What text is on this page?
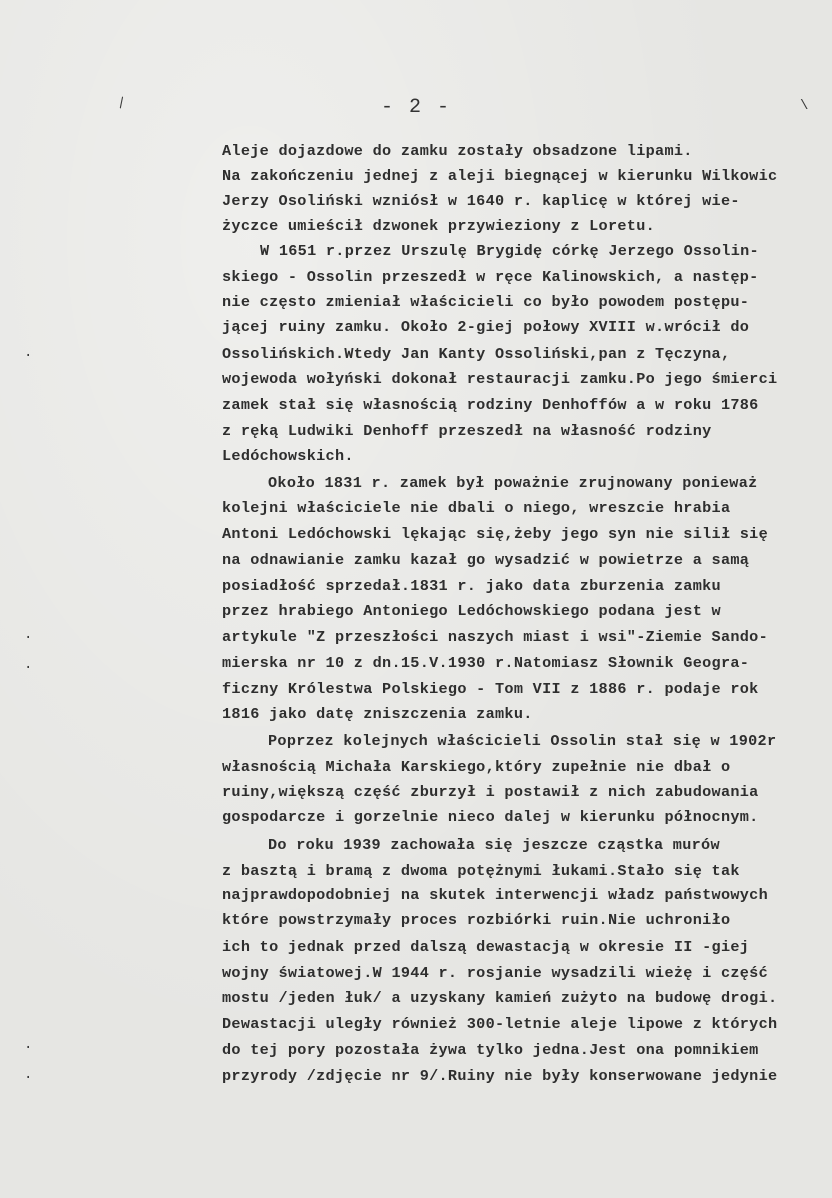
\
·
·
·
·
·
\
- 2 -
Aleje dojazdowe do zamku zostały obsadzone lipami.
Na zakończeniu jednej z aleji biegnącej w kierunku Wilkowic
Jerzy Osoliński wzniósł w 1640 r. kaplicę w której wie-
życzce umieścił dzwonek przywieziony z Loretu.
W 1651 r.przez Urszulę Brygidę córkę Jerzego Ossolin-
skiego - Ossolin przeszedł w ręce Kalinowskich, a następ-
nie często zmieniał właścicieli co było powodem postępu-
jącej ruiny zamku. Około 2-giej połowy XVIII w.wrócił do
Ossolińskich.Wtedy Jan Kanty Ossoliński,pan z Tęczyna,
wojewoda wołyński dokonał restauracji zamku.Po jego śmierci
zamek stał się własnością rodziny Denhoffów a w roku 1786
z ręką Ludwiki Denhoff przeszedł na własność rodziny
Ledóchowskich.
Około 1831 r. zamek był poważnie zrujnowany ponieważ
kolejni właściciele nie dbali o niego, wreszcie hrabia
Antoni Ledóchowski lękając się,żeby jego syn nie silił się
na odnawianie zamku kazał go wysadzić w powietrze a samą
posiadłość sprzedał.1831 r. jako data zburzenia zamku
przez hrabiego Antoniego Ledóchowskiego podana jest w
artykule "Z przeszłości naszych miast i wsi"-Ziemie Sando-
mierska nr 10 z dn.15.V.1930 r.Natomiasz Słownik Geogra-
ficzny Królestwa Polskiego - Tom VII z 1886 r. podaje rok
1816 jako datę zniszczenia zamku.
Poprzez kolejnych właścicieli Ossolin stał się w 1902r
własnością Michała Karskiego,który zupełnie nie dbał o
ruiny,większą część zburzył i postawił z nich zabudowania
gospodarcze i gorzelnie nieco dalej w kierunku północnym.
Do roku 1939 zachowała się jeszcze cząstka murów
z basztą i bramą z dwoma potężnymi łukami.Stało się tak
najprawdopodobniej na skutek interwencji władz państwowych
które powstrzymały proces rozbiórki ruin.Nie uchroniło
ich to jednak przed dalszą dewastacją w okresie II -giej
wojny światowej.W 1944 r. rosjanie wysadzili wieżę i część
mostu /jeden łuk/ a uzyskany kamień zużyto na budowę drogi.
Dewastacji uległy również 300-letnie aleje lipowe z których
do tej pory pozostała żywa tylko jedna.Jest ona pomnikiem
przyrody /zdjęcie nr 9/.Ruiny nie były konserwowane jedynie
